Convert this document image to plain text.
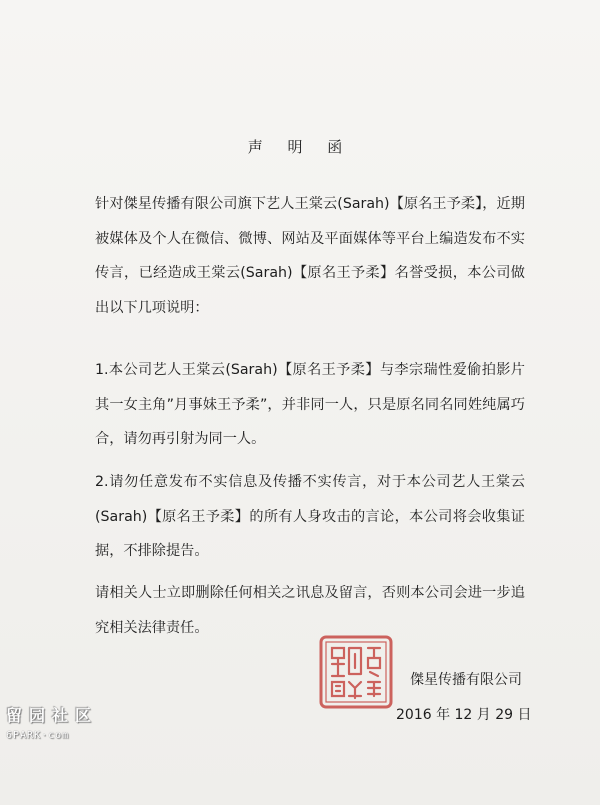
声 明 函

针对傑星传播有限公司旗下艺人王棠云(Sarah)【原名王予柔】，近期被媒体及个人在微信、微博、网站及平面媒体等平台上编造发布不实传言，已经造成王棠云(Sarah)【原名王予柔】名誉受损，本公司做出以下几项说明：

1.本公司艺人王棠云(Sarah)【原名王予柔】与李宗瑞性爱偷拍影片其一女主角”月事妹王予柔”，并非同一人，只是原名同名同姓纯属巧合，请勿再引射为同一人。

2.请勿任意发布不实信息及传播不实传言，对于本公司艺人王棠云(Sarah)【原名王予柔】的所有人身攻击的言论，本公司将会收集证据，不排除提告。

请相关人士立即删除任何相关之讯息及留言，否则本公司会进一步追究相关法律责任。

傑星传播有限公司
2016 年 12 月 29 日
留园社区
6PARK·com
